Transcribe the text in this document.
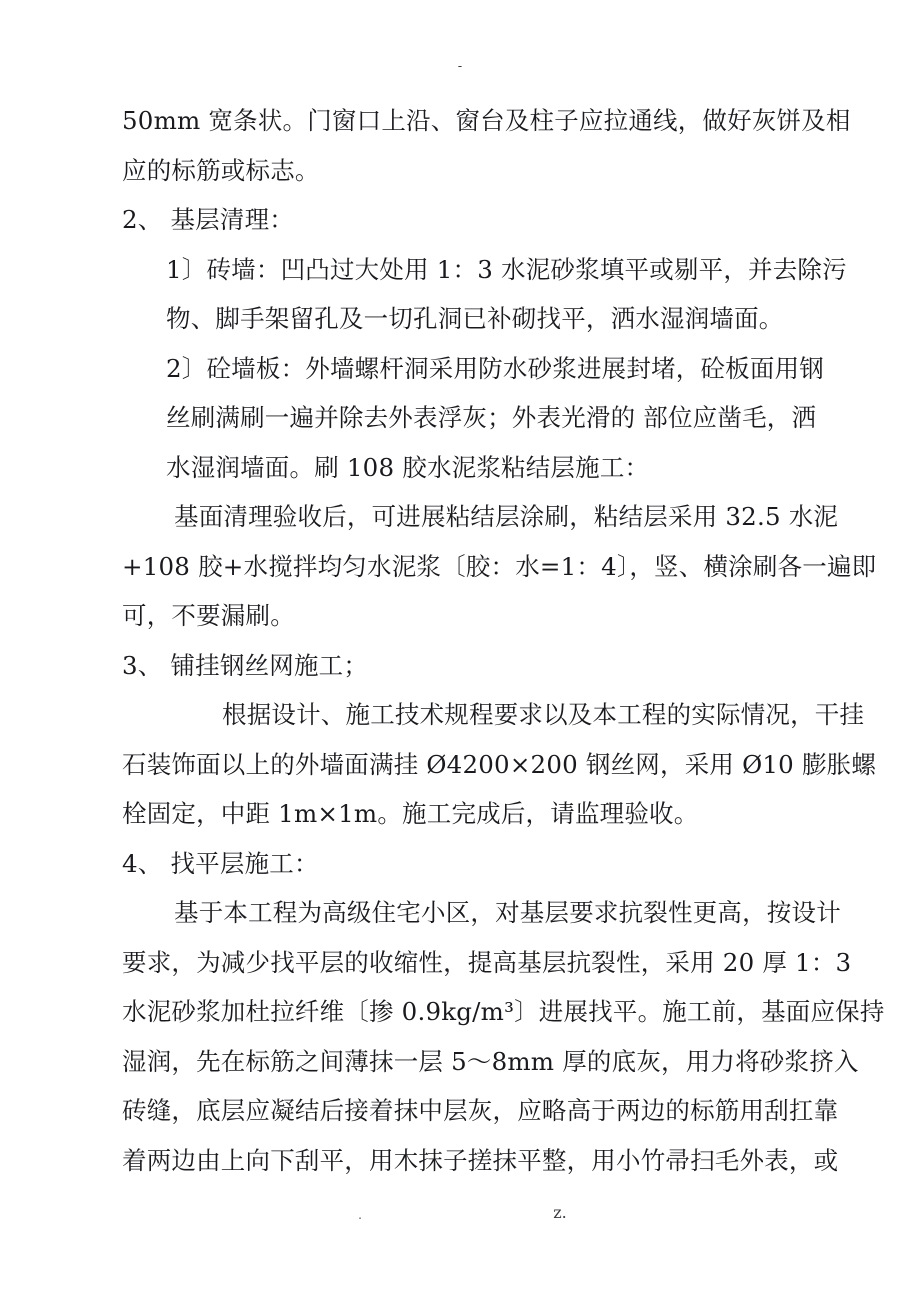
-
50mm 宽条状。门窗口上沿、窗台及柱子应拉通线，做好灰饼及相
应的标筋或标志。
2、 基层清理：
1〕砖墙：凹凸过大处用 1：3 水泥砂浆填平或剔平，并去除污
物、脚手架留孔及一切孔洞已补砌找平，洒水湿润墙面。
2〕砼墙板：外墙螺杆洞采用防水砂浆进展封堵，砼板面用钢
丝刷满刷一遍并除去外表浮灰；外表光滑的 部位应凿毛，洒
水湿润墙面。刷 108 胶水泥浆粘结层施工：
基面清理验收后，可进展粘结层涂刷，粘结层采用 32.5 水泥
+108 胶+水搅拌均匀水泥浆〔胶：水=1：4〕，竖、横涂刷各一遍即
可，不要漏刷。
3、 铺挂钢丝网施工；
根据设计、施工技术规程要求以及本工程的实际情况，干挂
石装饰面以上的外墙面满挂 Ø4200×200 钢丝网，采用 Ø10 膨胀螺
栓固定，中距 1m×1m。施工完成后，请监理验收。
4、 找平层施工：
基于本工程为高级住宅小区，对基层要求抗裂性更高，按设计
要求，为减少找平层的收缩性，提高基层抗裂性，采用 20 厚 1：3
水泥砂浆加杜拉纤维〔掺 0.9kg/m³〕进展找平。施工前，基面应保持
湿润，先在标筋之间薄抹一层 5～8mm 厚的底灰，用力将砂浆挤入
砖缝，底层应凝结后接着抹中层灰，应略高于两边的标筋用刮扛靠
着两边由上向下刮平，用木抹子搓抹平整，用小竹帚扫毛外表，或
.	z.
